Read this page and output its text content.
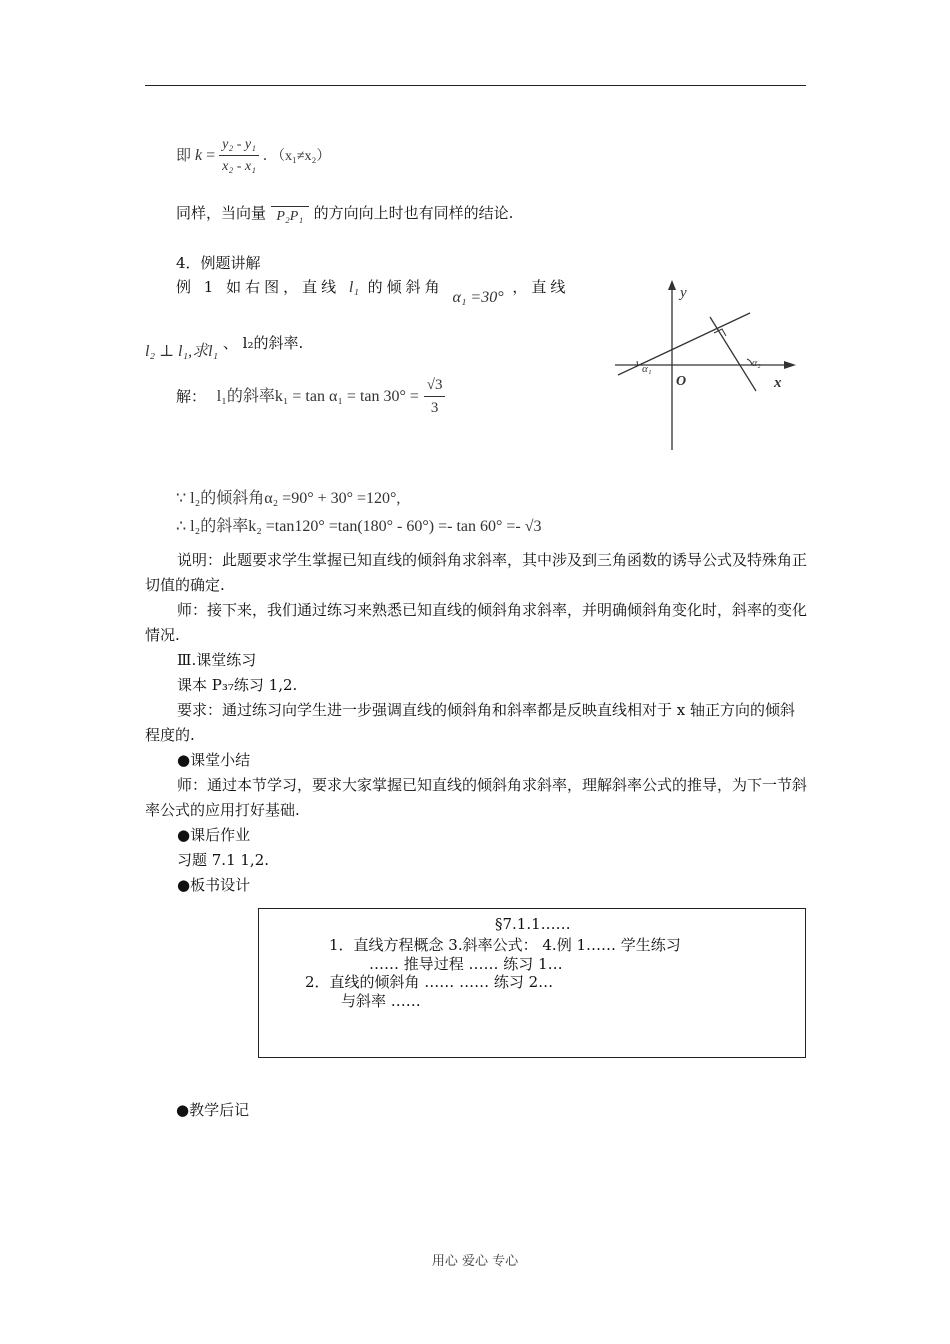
即 $k = \frac{\text{y₂ - y₁}}{\text{x₂ - x₁}}$ . （x₁≠x₂）
同样，当向量 P₂P₁ 的方向向上时也有同样的结论.
4．例题讲解
例 1 如右图，直线 l₁ 的倾斜角 α₁ =30° ，直线
l₂ ⊥ l₁,求l₁ 、 l₂的斜率.
解： l₁的斜率$k_1 = \tan \alpha_1 = \tan 30^\circ = \frac{√3}{3}$
y
x
O
α₁	α₂
∵ l₂的倾斜角α₂ =90° + 30° =120°,
∴ l₂的斜率k₂ =tan120° =tan(180° - 60°) =- tan 60° =- √3

说明：此题要求学生掌握已知直线的倾斜角求斜率，其中涉及到三角函数的诱导公式及特殊角正切值的确定.

师：接下来，我们通过练习来熟悉已知直线的倾斜角求斜率，并明确倾斜角变化时，斜率的变化情况.

Ⅲ.课堂练习

课本 P₃₇练习 1,2.

要求：通过练习向学生进一步强调直线的倾斜角和斜率都是反映直线相对于 x 轴正方向的倾斜程度的.

●课堂小结

师：通过本节学习，要求大家掌握已知直线的倾斜角求斜率，理解斜率公式的推导，为下一节斜率公式的应用打好基础.

●课后作业

习题 7.1 1,2.

●板书设计

§7.1.1……
1．直线方程概念 3.斜率公式： 4.例 1…… 学生练习
…… 推导过程 …… 练习 1…
2．直线的倾斜角 …… …… 练习 2…
与斜率 ……
●教学后记
用心 爱心 专心
